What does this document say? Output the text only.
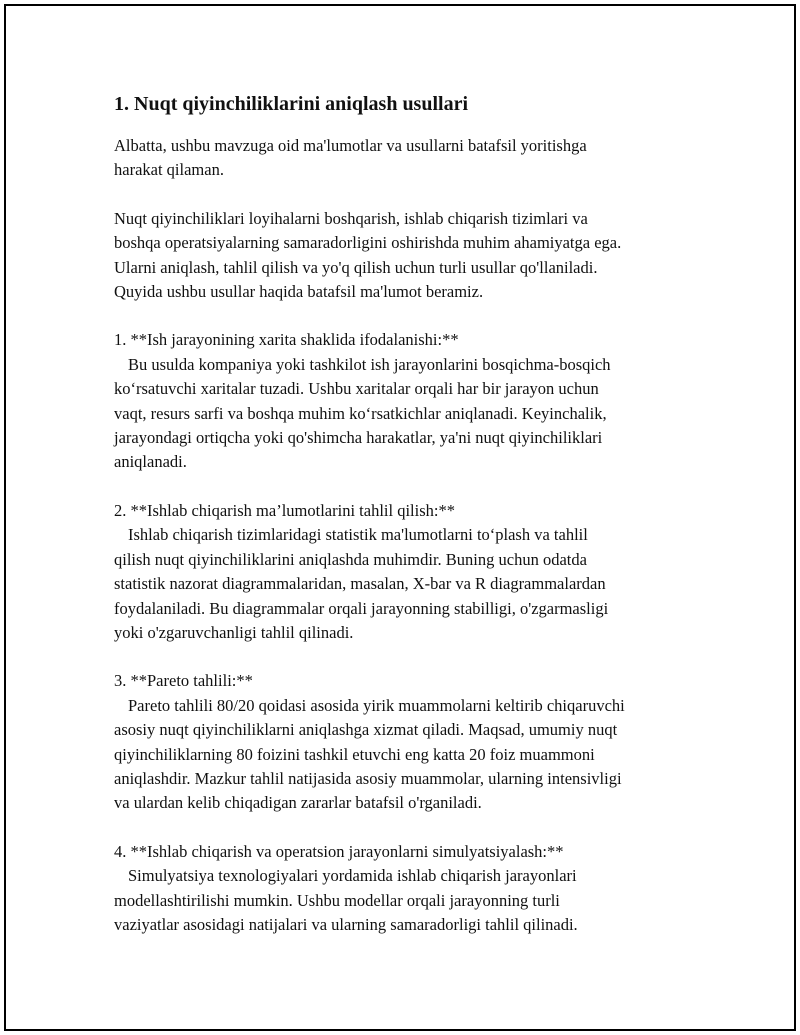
1. Nuqt qiyinchiliklarini aniqlash usullari

Albatta, ushbu mavzuga oid ma'lumotlar va usullarni batafsil yoritishga

harakat qilaman.

Nuqt qiyinchiliklari loyihalarni boshqarish, ishlab chiqarish tizimlari va

boshqa operatsiyalarning samaradorligini oshirishda muhim ahamiyatga ega.

Ularni aniqlash, tahlil qilish va yo'q qilish uchun turli usullar qo'llaniladi.

Quyida ushbu usullar haqida batafsil ma'lumot beramiz.

1. **Ish jarayonining xarita shaklida ifodalanishi:**

Bu usulda kompaniya yoki tashkilot ish jarayonlarini bosqichma-bosqich

ko‘rsatuvchi xaritalar tuzadi. Ushbu xaritalar orqali har bir jarayon uchun

vaqt, resurs sarfi va boshqa muhim ko‘rsatkichlar aniqlanadi. Keyinchalik,

jarayondagi ortiqcha yoki qo'shimcha harakatlar, ya'ni nuqt qiyinchiliklari

aniqlanadi.

2. **Ishlab chiqarish ma’lumotlarini tahlil qilish:**

Ishlab chiqarish tizimlaridagi statistik ma'lumotlarni to‘plash va tahlil

qilish nuqt qiyinchiliklarini aniqlashda muhimdir. Buning uchun odatda

statistik nazorat diagrammalaridan, masalan, X-bar va R diagrammalardan

foydalaniladi. Bu diagrammalar orqali jarayonning stabilligi, o'zgarmasligi

yoki o'zgaruvchanligi tahlil qilinadi.

3. **Pareto tahlili:**

Pareto tahlili 80/20 qoidasi asosida yirik muammolarni keltirib chiqaruvchi

asosiy nuqt qiyinchiliklarni aniqlashga xizmat qiladi. Maqsad, umumiy nuqt

qiyinchiliklarning 80 foizini tashkil etuvchi eng katta 20 foiz muammoni

aniqlashdir. Mazkur tahlil natijasida asosiy muammolar, ularning intensivligi

va ulardan kelib chiqadigan zararlar batafsil o'rganiladi.

4. **Ishlab chiqarish va operatsion jarayonlarni simulyatsiyalash:**

Simulyatsiya texnologiyalari yordamida ishlab chiqarish jarayonlari

modellashtirilishi mumkin. Ushbu modellar orqali jarayonning turli

vaziyatlar asosidagi natijalari va ularning samaradorligi tahlil qilinadi.
